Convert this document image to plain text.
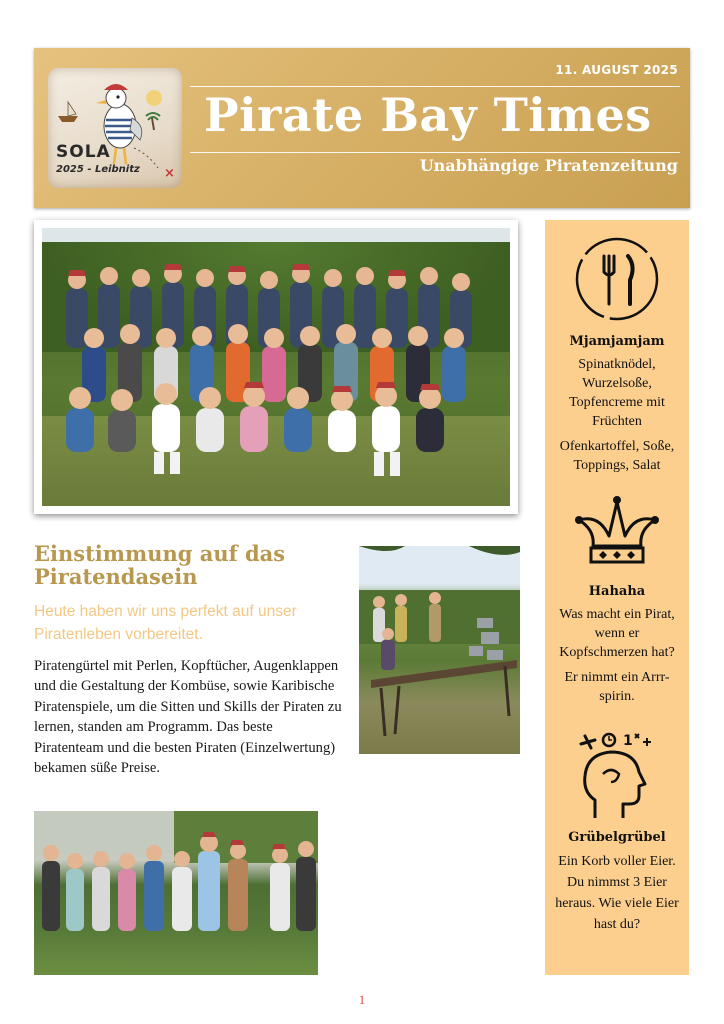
SOLA
2025 - Leibnitz ×
11. AUGUST 2025
Pirate Bay Times
Unabhängige Piratenzeitung
Einstimmung auf das Piratendasein
Heute haben wir uns perfekt auf unser Piratenleben vorbereitet.
Piratengürtel mit Perlen, Kopftücher, Augenklappen und die Gestaltung der Kombüse, sowie Karibische Piratenspiele, um die Sitten und Skills der Piraten zu lernen, standen am Programm. Das beste Piratenteam und die besten Piraten (Einzelwertung) bekamen süße Preise.
Mjamjamjam
Spinatknödel, Wurzelsoße, Topfencreme mit Früchten
Ofenkartoffel, Soße, Toppings, Salat
Hahaha
Was macht ein Pirat, wenn er Kopfschmerzen hat?
Er nimmt ein Arrr-spirin.
1
Grübelgrübel
Ein Korb voller Eier. Du nimmst 3 Eier heraus. Wie viele Eier hast du?
1
